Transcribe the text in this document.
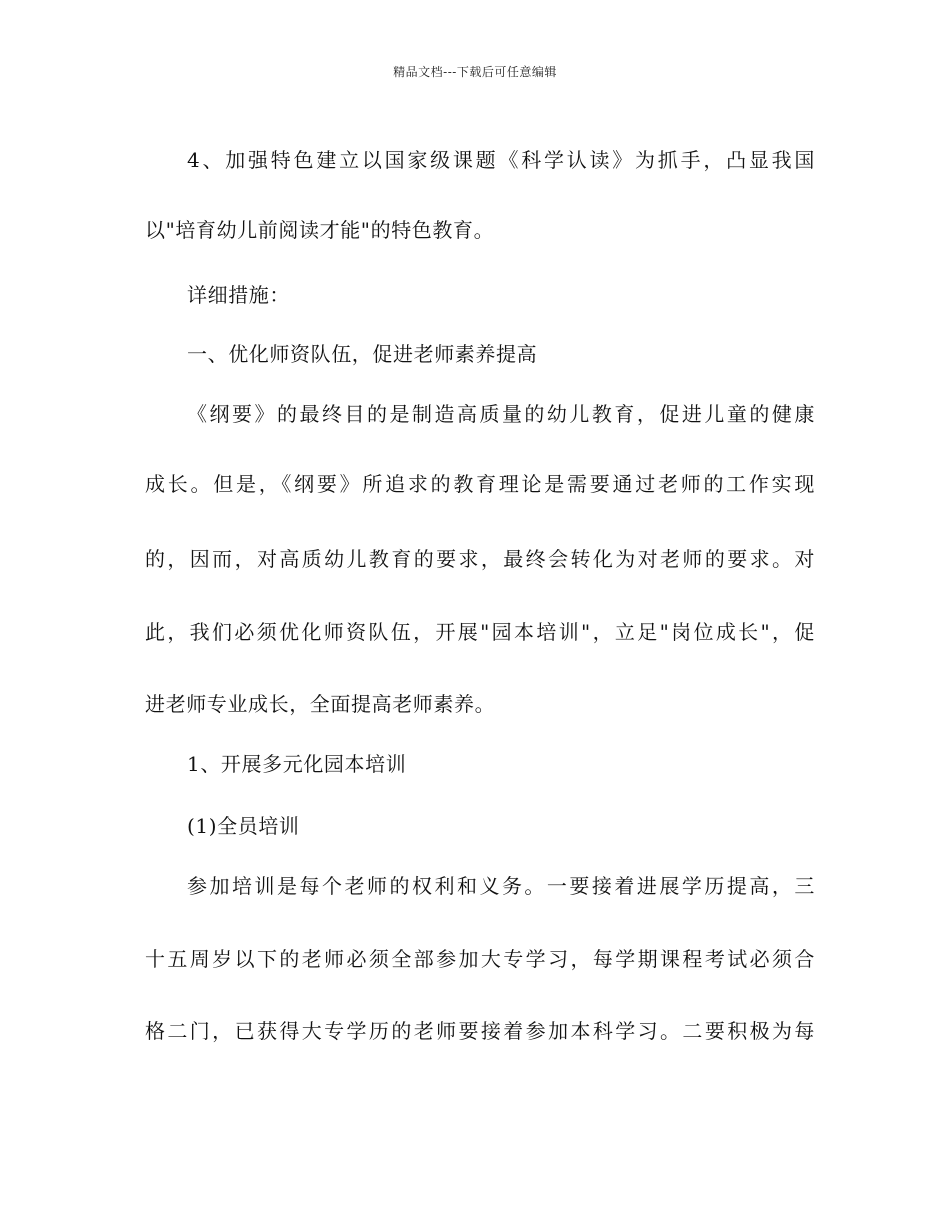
精品文档---下载后可任意编辑
4、加强特色建立以国家级课题《科学认读》为抓手，凸显我国
以"培育幼儿前阅读才能"的特色教育。
详细措施：
一、优化师资队伍，促进老师素养提高
《纲要》的最终目的是制造高质量的幼儿教育，促进儿童的健康
成长。但是，《纲要》所追求的教育理论是需要通过老师的工作实现
的，因而，对高质幼儿教育的要求，最终会转化为对老师的要求。对
此，我们必须优化师资队伍，开展"园本培训"，立足"岗位成长"，促
进老师专业成长，全面提高老师素养。
1、开展多元化园本培训
(1)全员培训
参加培训是每个老师的权利和义务。一要接着进展学历提高，三
十五周岁以下的老师必须全部参加大专学习，每学期课程考试必须合
格二门，已获得大专学历的老师要接着参加本科学习。二要积极为每
